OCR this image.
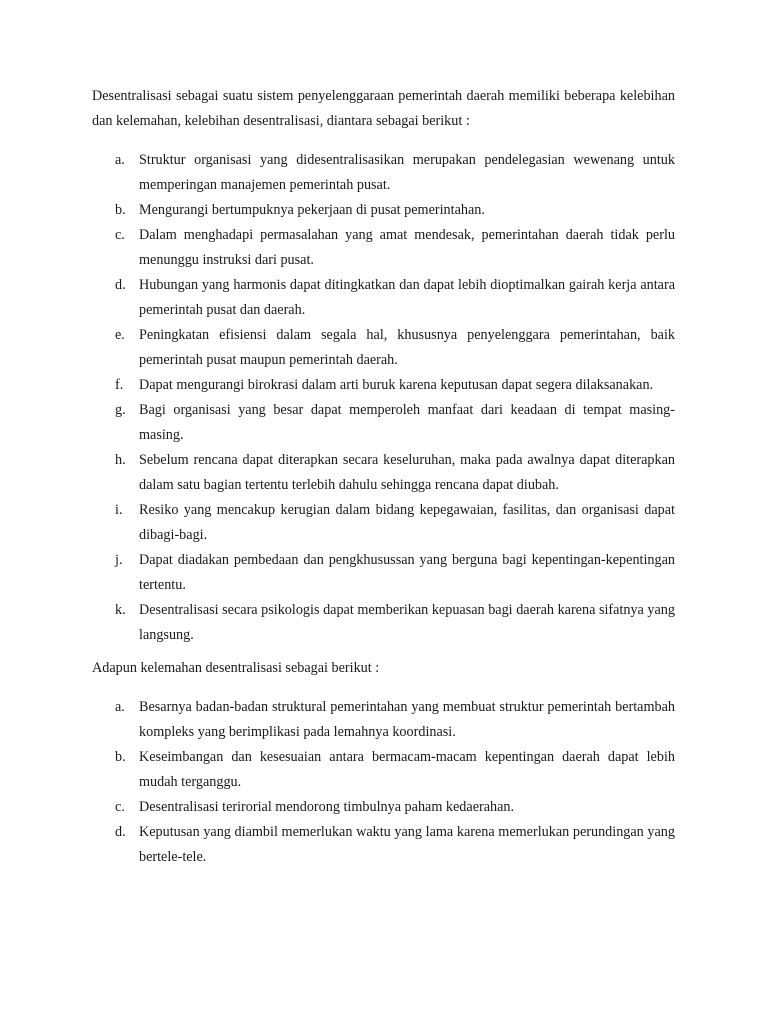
Desentralisasi sebagai suatu sistem penyelenggaraan pemerintah daerah memiliki beberapa kelebihan dan kelemahan, kelebihan desentralisasi, diantara sebagai berikut :

a. Struktur organisasi yang didesentralisasikan merupakan pendelegasian wewenang untuk memperingan manajemen pemerintah pusat.
b. Mengurangi bertumpuknya pekerjaan di pusat pemerintahan.
c. Dalam menghadapi permasalahan yang amat mendesak, pemerintahan daerah tidak perlu menunggu instruksi dari pusat.
d. Hubungan yang harmonis dapat ditingkatkan dan dapat lebih dioptimalkan gairah kerja antara pemerintah pusat dan daerah.
e. Peningkatan efisiensi dalam segala hal, khususnya penyelenggara pemerintahan, baik pemerintah pusat maupun pemerintah daerah.
f. Dapat mengurangi birokrasi dalam arti buruk karena keputusan dapat segera dilaksanakan.
g. Bagi organisasi yang besar dapat memperoleh manfaat dari keadaan di tempat masing-masing.
h. Sebelum rencana dapat diterapkan secara keseluruhan, maka pada awalnya dapat diterapkan dalam satu bagian tertentu terlebih dahulu sehingga rencana dapat diubah.
i. Resiko yang mencakup kerugian dalam bidang kepegawaian, fasilitas, dan organisasi dapat dibagi-bagi.
j. Dapat diadakan pembedaan dan pengkhusussan yang berguna bagi kepentingan-kepentingan tertentu.
k. Desentralisasi secara psikologis dapat memberikan kepuasan bagi daerah karena sifatnya yang langsung.

Adapun kelemahan desentralisasi sebagai berikut :

a. Besarnya badan-badan struktural pemerintahan yang membuat struktur pemerintah bertambah kompleks yang berimplikasi pada lemahnya koordinasi.
b. Keseimbangan dan kesesuaian antara bermacam-macam kepentingan daerah dapat lebih mudah terganggu.
c. Desentralisasi terirorial mendorong timbulnya paham kedaerahan.
d. Keputusan yang diambil memerlukan waktu yang lama karena memerlukan perundingan yang bertele-tele.
